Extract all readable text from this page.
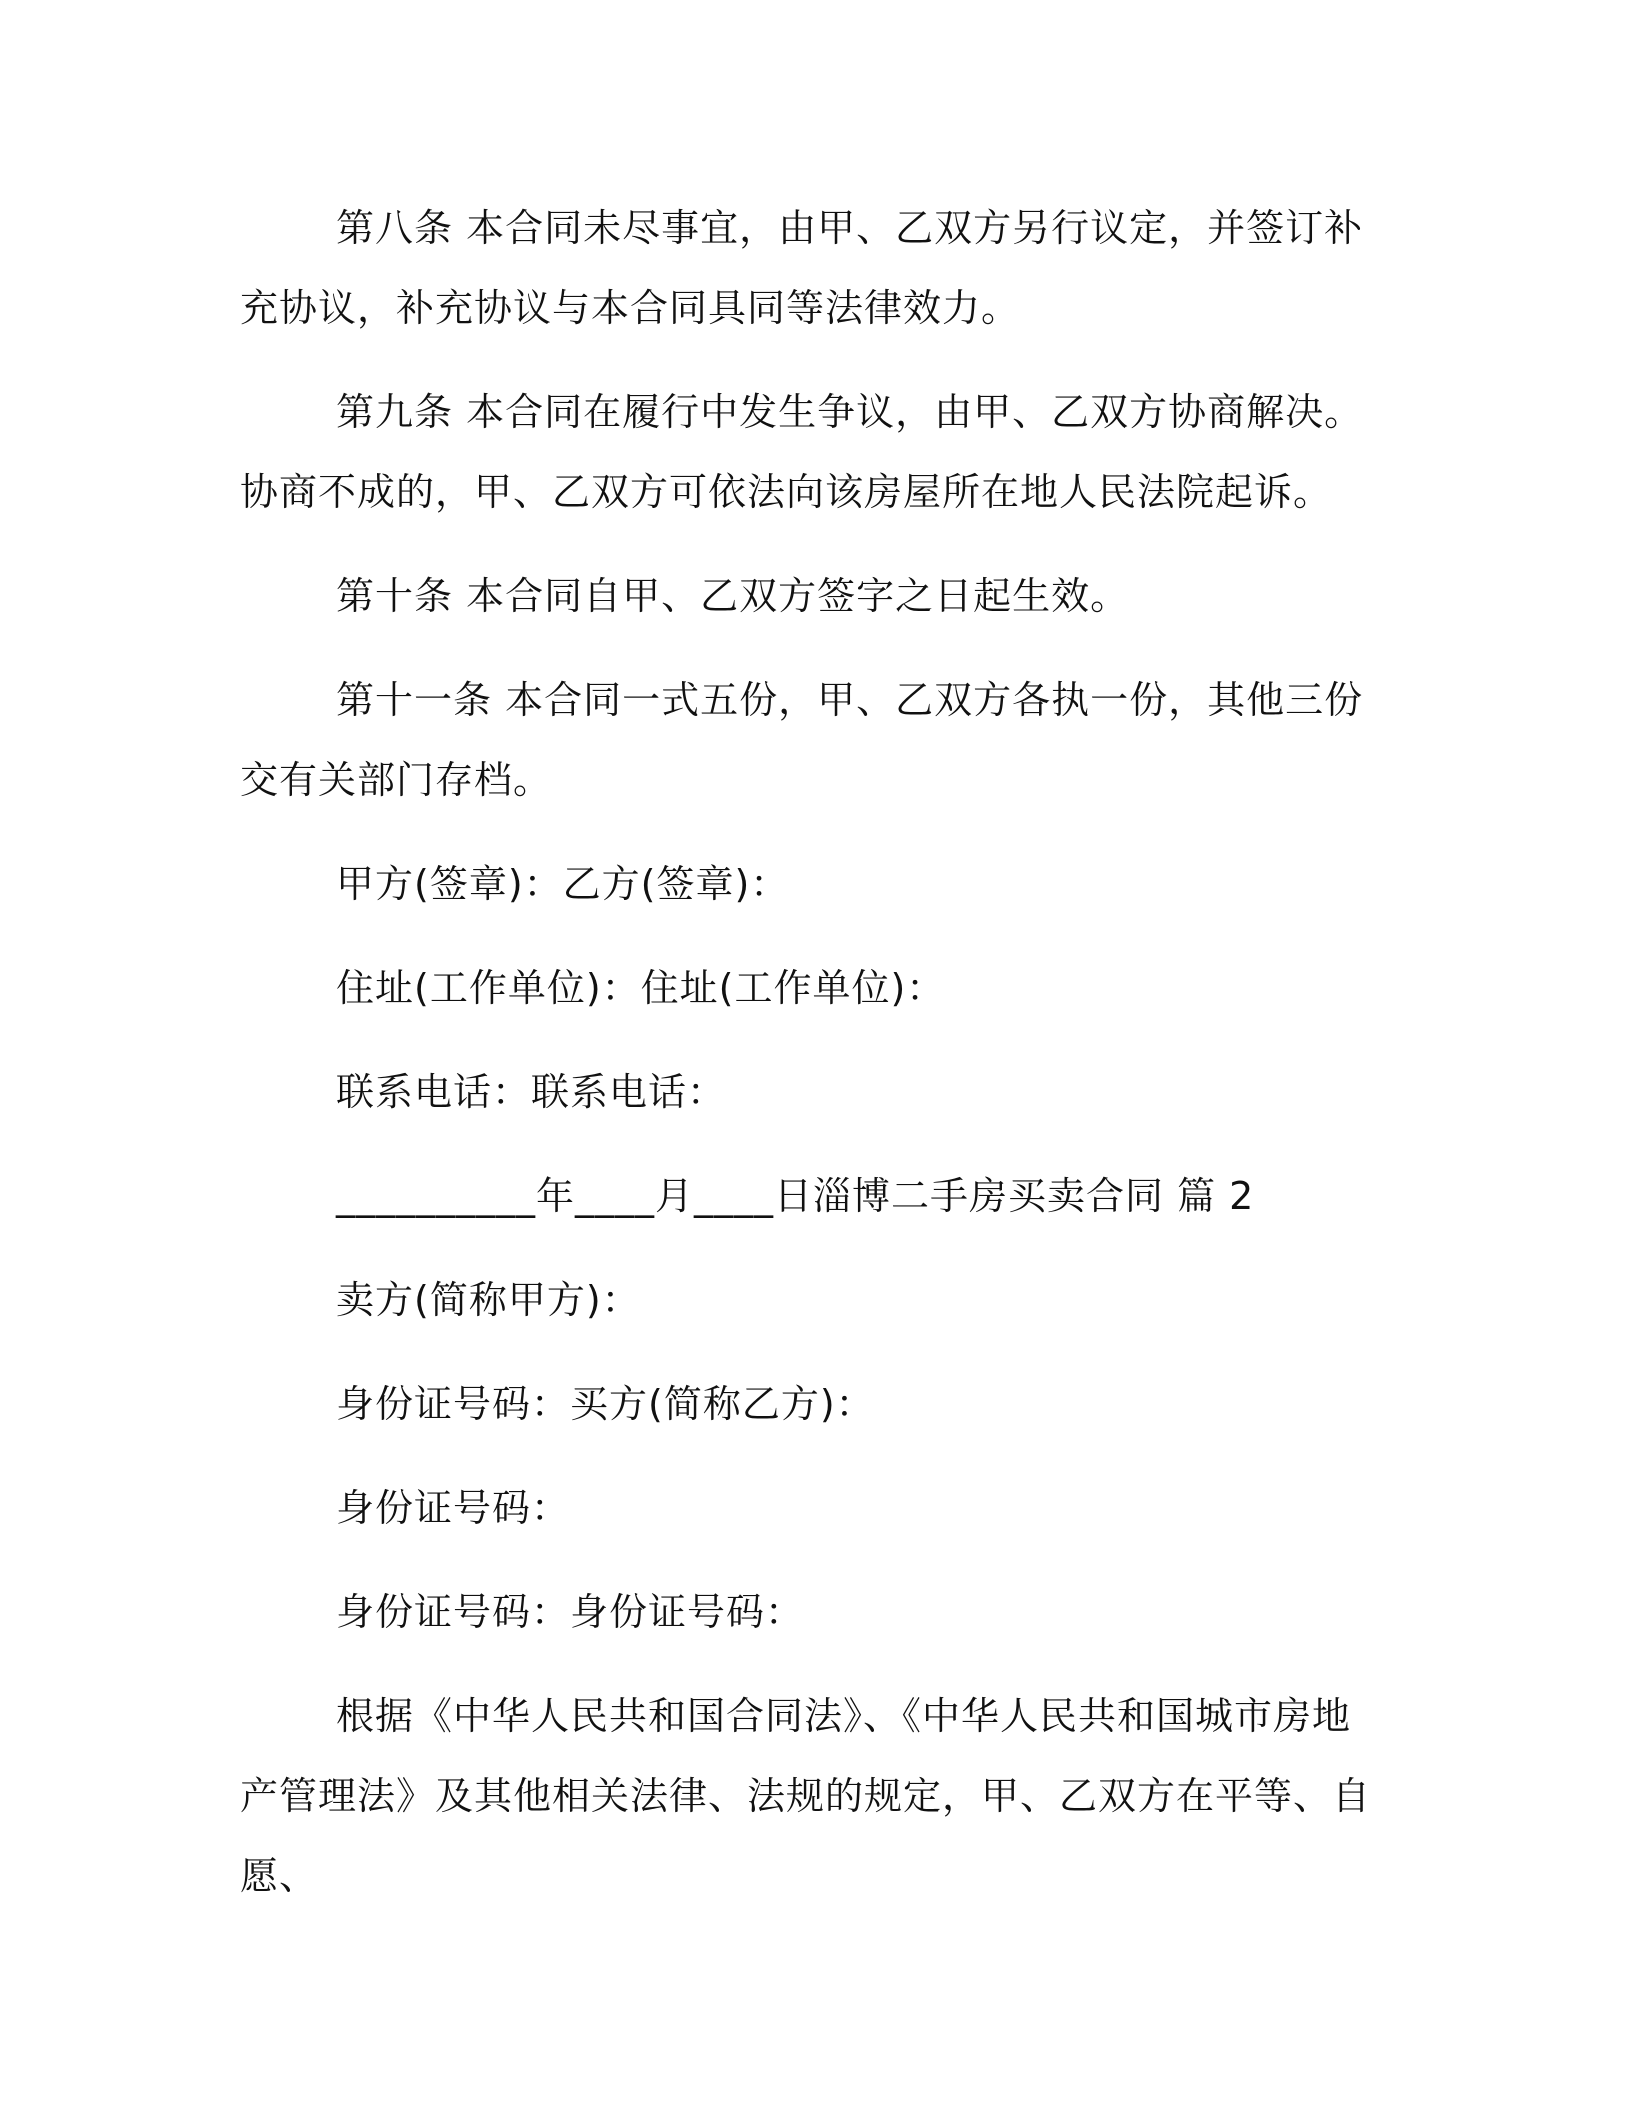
第八条 本合同未尽事宜，由甲、乙双方另行议定，并签订补充协议，补充协议与本合同具同等法律效力。

第九条 本合同在履行中发生争议，由甲、乙双方协商解决。协商不成的，甲、乙双方可依法向该房屋所在地人民法院起诉。

第十条 本合同自甲、乙双方签字之日起生效。

第十一条 本合同一式五份，甲、乙双方各执一份，其他三份交有关部门存档。

甲方(签章)：乙方(签章)：

住址(工作单位)：住址(工作单位)：

联系电话：联系电话：

__________年____月____日淄博二手房买卖合同 篇 2

卖方(简称甲方)：

身份证号码：买方(简称乙方)：

身份证号码：

身份证号码：身份证号码：

根据《中华人民共和国合同法》、《中华人民共和国城市房地产管理法》及其他相关法律、法规的规定，甲、乙双方在平等、自愿、
